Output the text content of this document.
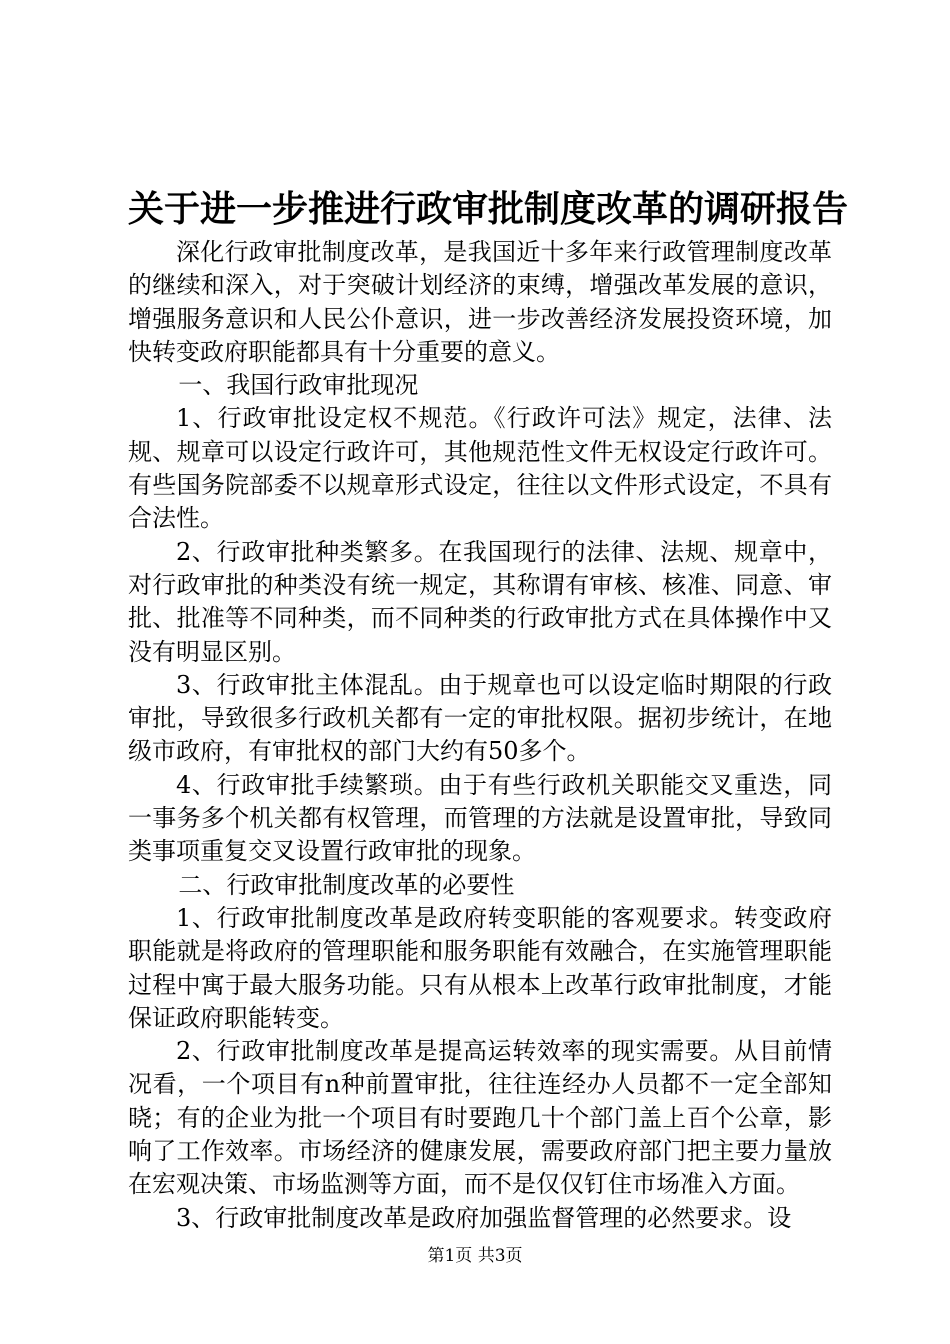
关于进一步推进行政审批制度改革的调研报告

深化行政审批制度改革，是我国近十多年来行政管理制度改革的继续和深入，对于突破计划经济的束缚，增强改革发展的意识，增强服务意识和人民公仆意识，进一步改善经济发展投资环境，加快转变政府职能都具有十分重要的意义。

一、我国行政审批现况

1、行政审批设定权不规范。《行政许可法》规定，法律、法规、规章可以设定行政许可，其他规范性文件无权设定行政许可。有些国务院部委不以规章形式设定，往往以文件形式设定，不具有合法性。

2、行政审批种类繁多。在我国现行的法律、法规、规章中，对行政审批的种类没有统一规定，其称谓有审核、核准、同意、审批、批准等不同种类，而不同种类的行政审批方式在具体操作中又没有明显区别。

3、行政审批主体混乱。由于规章也可以设定临时期限的行政审批，导致很多行政机关都有一定的审批权限。据初步统计，在地级市政府，有审批权的部门大约有50多个。

4、行政审批手续繁琐。由于有些行政机关职能交叉重迭，同一事务多个机关都有权管理，而管理的方法就是设置审批，导致同类事项重复交叉设置行政审批的现象。

二、行政审批制度改革的必要性

1、行政审批制度改革是政府转变职能的客观要求。转变政府职能就是将政府的管理职能和服务职能有效融合，在实施管理职能过程中寓于最大服务功能。只有从根本上改革行政审批制度，才能保证政府职能转变。

2、行政审批制度改革是提高运转效率的现实需要。从目前情况看，一个项目有n种前置审批，往往连经办人员都不一定全部知晓；有的企业为批一个项目有时要跑几十个部门盖上百个公章，影响了工作效率。市场经济的健康发展，需要政府部门把主要力量放在宏观决策、市场监测等方面，而不是仅仅钉住市场准入方面。

3、行政审批制度改革是政府加强监督管理的必然要求。设

第1页 共3页
